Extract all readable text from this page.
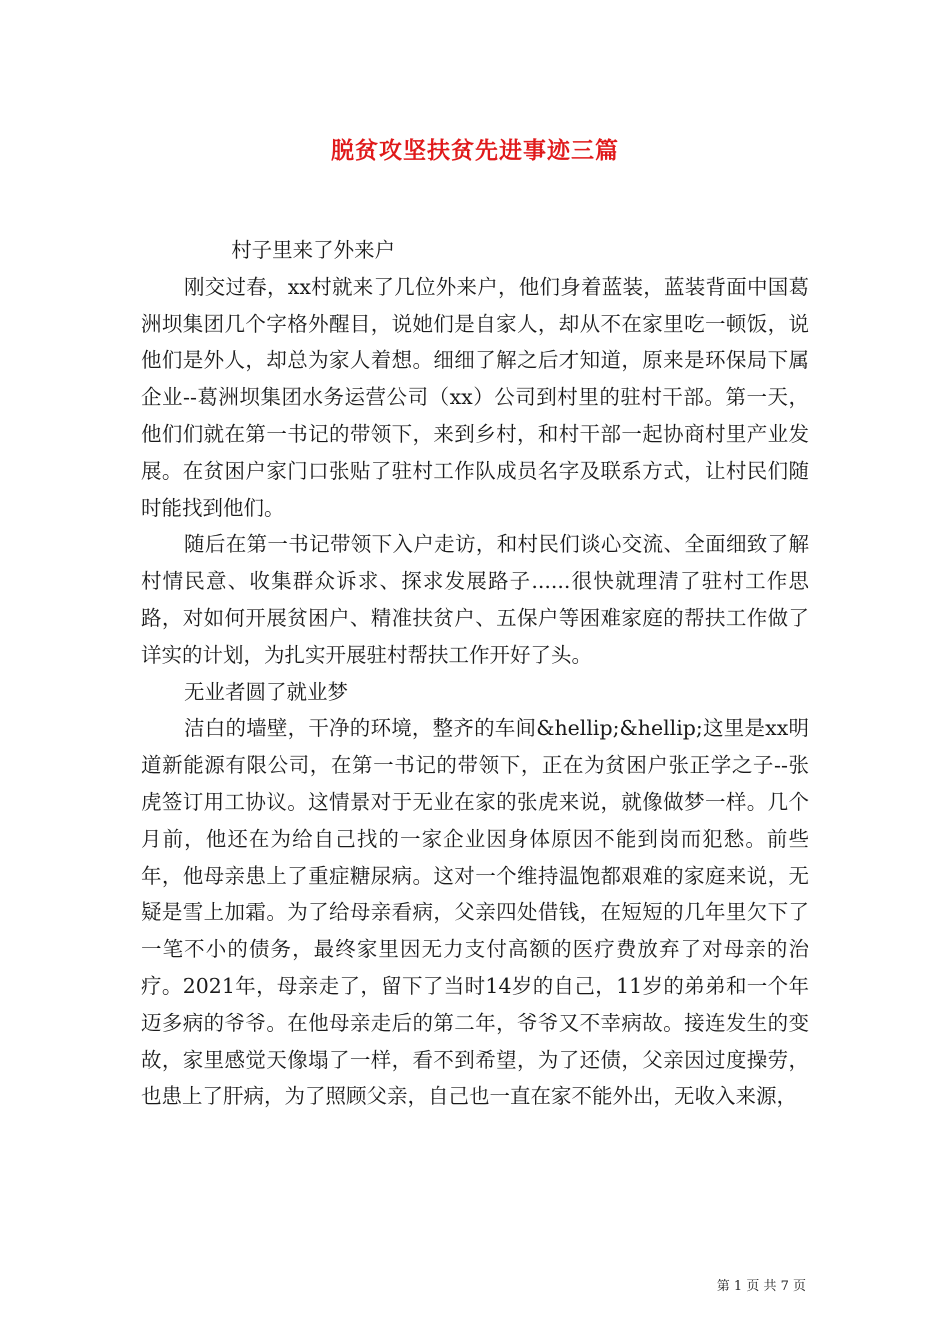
脱贫攻坚扶贫先进事迹三篇

村子里来了外来户

刚交过春，xx村就来了几位外来户，他们身着蓝装，蓝装背面中国葛洲坝集团几个字格外醒目，说她们是自家人，却从不在家里吃一顿饭，说他们是外人，却总为家人着想。细细了解之后才知道，原来是环保局下属企业--葛洲坝集团水务运营公司（xx）公司到村里的驻村干部。第一天，他们们就在第一书记的带领下，来到乡村，和村干部一起协商村里产业发展。在贫困户家门口张贴了驻村工作队成员名字及联系方式，让村民们随时能找到他们。

随后在第一书记带领下入户走访，和村民们谈心交流、全面细致了解村情民意、收集群众诉求、探求发展路子......很快就理清了驻村工作思路，对如何开展贫困户、精准扶贫户、五保户等困难家庭的帮扶工作做了详实的计划，为扎实开展驻村帮扶工作开好了头。

无业者圆了就业梦

洁白的墙壁，干净的环境，整齐的车间&hellip;&hellip;这里是xx明道新能源有限公司，在第一书记的带领下，正在为贫困户张正学之子--张虎签订用工协议。这情景对于无业在家的张虎来说，就像做梦一样。几个月前，他还在为给自己找的一家企业因身体原因不能到岗而犯愁。前些年，他母亲患上了重症糖尿病。这对一个维持温饱都艰难的家庭来说，无疑是雪上加霜。为了给母亲看病，父亲四处借钱，在短短的几年里欠下了一笔不小的债务，最终家里因无力支付高额的医疗费放弃了对母亲的治疗。2021年，母亲走了，留下了当时14岁的自己，11岁的弟弟和一个年迈多病的爷爷。在他母亲走后的第二年，爷爷又不幸病故。接连发生的变故，家里感觉天像塌了一样，看不到希望，为了还债，父亲因过度操劳，也患上了肝病，为了照顾父亲，自己也一直在家不能外出，无收入来源，

第 1 页 共 7 页
